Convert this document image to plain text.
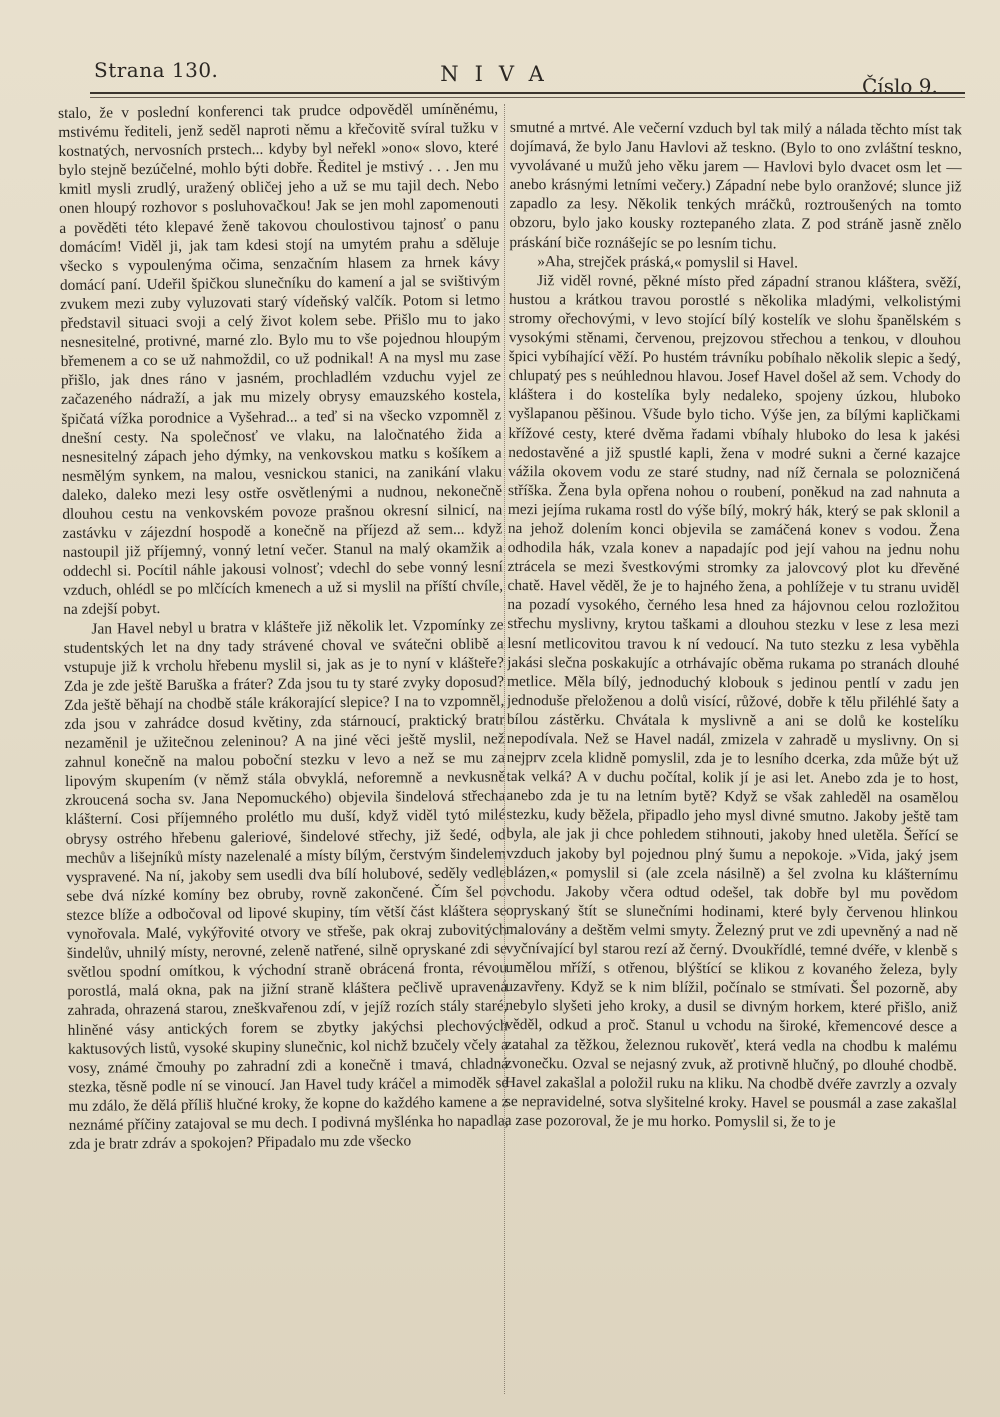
Strana 130.	NIVA	Číslo 9.

stalo, že v poslední konferenci tak prudce odpověděl umíněnému, mstivému řediteli, jenž seděl naproti němu a křečovitě svíral tužku v kostnatých, nervosních prstech... kdyby byl neřekl »ono« slovo, které bylo stejně bezúčelné, mohlo býti dobře. Ředitel je mstivý . . . Jen mu kmitl mysli zrudlý, uražený obličej jeho a už se mu tajil dech. Nebo onen hloupý rozhovor s posluhovačkou! Jak se jen mohl zapomenouti a pověděti této klepavé ženě takovou choulostivou tajnosť o panu domácím! Viděl ji, jak tam kdesi stojí na umytém prahu a sděluje všecko s vypoulenýma očima, senzačním hlasem za hrnek kávy domácí paní. Udeřil špičkou slunečníku do kamení a jal se svištivým zvukem mezi zuby vyluzovati starý vídeňský valčík. Potom si letmo představil situaci svoji a celý život kolem sebe. Přišlo mu to jako nesnesitelné, protivné, marné zlo. Bylo mu to vše pojednou hloupým břemenem a co se už nahmoždil, co už podnikal! A na mysl mu zase přišlo, jak dnes ráno v jasném, prochladlém vzduchu vyjel ze začazeného nádraží, a jak mu mizely obrysy emauzského kostela, špičatá vížka porodnice a Vyšehrad... a teď si na všecko vzpomněl z dnešní cesty. Na společnosť ve vlaku, na laločnatého žida a nesnesitelný zápach jeho dýmky, na venkovskou matku s košíkem a nesmělým synkem, na malou, vesnickou stanici, na zanikání vlaku daleko, daleko mezi lesy ostře osvětlenými a nudnou, nekonečně dlouhou cestu na venkovském povoze prašnou okresní silnicí, na zastávku v zájezdní hospodě a konečně na příjezd až sem... když nastoupil již příjemný, vonný letní večer. Stanul na malý okamžik a oddechl si. Pocítil náhle jakousi volnosť; vdechl do sebe vonný lesní vzduch, ohlédl se po mlčících kmenech a už si myslil na příští chvíle, na zdejší pobyt.

Jan Havel nebyl u bratra v klášteře již několik let. Vzpomínky ze studentských let na dny tady strávené choval ve svátečni oblibě a vstupuje již k vrcholu hřebenu myslil si, jak as je to nyní v klášteře? Zda je zde ještě Baruška a fráter? Zda jsou tu ty staré zvyky doposud? Zda ještě běhají na chodbě stále krákorající slepice? I na to vzpomněl, zda jsou v zahrádce dosud květiny, zda stárnoucí, praktický bratr nezaměnil je užitečnou zeleninou? A na jiné věci ještě myslil, než zahnul konečně na malou poboční stezku v levo a než se mu za lipovým skupením (v němž stála obvyklá, neforemně a nevkusně zkroucená socha sv. Jana Nepomuckého) objevila šindelová střecha klášterní. Cosi příjemného prolétlo mu duší, když viděl tytó milé obrysy ostrého hřebenu galeriové, šindelové střechy, již šedé, od mechův a lišejníků místy nazelenalé a místy bílým, čerstvým šindelem vyspravené. Na ní, jakoby sem usedli dva bílí holubové, seděly vedle sebe dvá nízké komíny bez obruby, rovně zakončené. Čím šel po stezce blíže a odbočoval od lipové skupiny, tím větší část kláštera se vynořovala. Malé, vykýřovité otvory ve střeše, pak okraj zubovitých šindelův, uhnilý místy, nerovné, zeleně natřené, silně opryskané zdi se světlou spodní omítkou, k východní straně obrácená fronta, révou porostlá, malá okna, pak na jižní straně kláštera pečlivě upravená zahrada, ohrazená starou, zneškvařenou zdí, v jejíž rozích stály staré, hliněné vásy antických forem se zbytky jakýchsi plechových kaktusových listů, vysoké skupiny slunečnic, kol nichž bzučely včely a vosy, známé čmouhy po zahradní zdi a konečně i tmavá, chladná stezka, těsně podle ní se vinoucí. Jan Havel tudy kráčel a mimoděk se mu zdálo, že dělá příliš hlučné kroky, že kopne do každého kamene a z neznámé příčiny zatajoval se mu dech. I podivná myšlénka ho napadla, zda je bratr zdráv a spokojen? Připadalo mu zde všecko

smutné a mrtvé. Ale večerní vzduch byl tak milý a nálada těchto míst tak dojímavá, že bylo Janu Havlovi až teskno. (Bylo to ono zvláštní teskno, vyvolávané u mužů jeho věku jarem — Havlovi bylo dvacet osm let — anebo krásnými letními večery.) Západní nebe bylo oranžové; slunce již zapadlo za lesy. Několik tenkých mráčků, roztroušených na tomto obzoru, bylo jako kousky roztepaného zlata. Z pod stráně jasně znělo práskání biče roznášejíc se po lesním tichu.

»Aha, strejček práská,« pomyslil si Havel.

Již viděl rovné, pěkné místo před západní stranou kláštera, svěží, hustou a krátkou travou porostlé s několika mladými, velkolistými stromy ořechovými, v levo stojící bílý kostelík ve slohu španělském s vysokými stěnami, červenou, prejzovou střechou a tenkou, v dlouhou špici vybíhající věží. Po hustém trávníku pobíhalo několik slepic a šedý, chlupatý pes s neúhlednou hlavou. Josef Havel došel až sem. Vchody do kláštera i do kostelíka byly nedaleko, spojeny úzkou, hluboko vyšlapanou pěšinou. Všude bylo ticho. Výše jen, za bílými kapličkami křížové cesty, které dvěma řadami vbíhaly hluboko do lesa k jakési nedostavěné a již spustlé kapli, žena v modré sukni a černé kazajce vážila okovem vodu ze staré studny, nad níž černala se polozničená stříška. Žena byla opřena nohou o roubení, poněkud na zad nahnuta a mezi jejíma rukama rostl do výše bílý, mokrý hák, který se pak sklonil a na jehož dolením konci objevila se zamáčená konev s vodou. Žena odhodila hák, vzala konev a napadajíc pod její vahou na jednu nohu ztrácela se mezi švestkovými stromky za jalovcový plot ku dřevěné chatě. Havel věděl, že je to hajného žena, a pohlížeje v tu stranu uviděl na pozadí vysokého, černého lesa hned za hájovnou celou rozložitou střechu myslivny, krytou taškami a dlouhou stezku v lese z lesa mezi lesní metlicovitou travou k ní vedoucí. Na tuto stezku z lesa vyběhla jakási slečna poskakujíc a otrhávajíc oběma rukama po stranách dlouhé metlice. Měla bílý, jednoduchý klobouk s jedinou pentlí v zadu jen jednoduše přeloženou a dolů visící, růžové, dobře k tělu přiléhlé šaty a bílou zástěrku. Chvátala k myslivně a ani se dolů ke kostelíku nepodívala. Než se Havel nadál, zmizela v zahradě u myslivny. On si nejprv zcela klidně pomyslil, zda je to lesního dcerka, zda může být už tak velká? A v duchu počítal, kolik jí je asi let. Anebo zda je to host, anebo zda je tu na letním bytě? Když se však zahleděl na osamělou stezku, kudy běžela, připadlo jeho mysl divné smutno. Jakoby ještě tam byla, ale jak ji chce pohledem stihnouti, jakoby hned uletěla. Šeřící se vzduch jakoby byl pojednou plný šumu a nepokoje. »Vida, jaký jsem blázen,« pomyslil si (ale zcela násilně) a šel zvolna ku klášternímu vchodu. Jakoby včera odtud odešel, tak dobře byl mu povědom opryskaný štít se slunečními hodinami, které byly červenou hlinkou malovány a deštěm velmi smyty. Železný prut ve zdi upevněný a nad ně vyčnívající byl starou rezí až černý. Dvoukřídlé, temné dvéře, v klenbě s umělou mříží, s otřenou, blýštící se klikou z kovaného železa, byly uzavřeny. Když se k nim blížil, počínalo se stmívati. Šel pozorně, aby nebylo slyšeti jeho kroky, a dusil se divným horkem, které přišlo, aniž věděl, odkud a proč. Stanul u vchodu na široké, křemencové desce a zatahal za těžkou, železnou rukověť, která vedla na chodbu k malému zvonečku. Ozval se nejasný zvuk, až protivně hlučný, po dlouhé chodbě. Havel zakašlal a položil ruku na kliku. Na chodbě dvéře zavrzly a ozvaly se nepravidelné, sotva slyšitelné kroky. Havel se pousmál a zase zakašlal a zase pozoroval, že je mu horko. Pomyslil si, že to je
